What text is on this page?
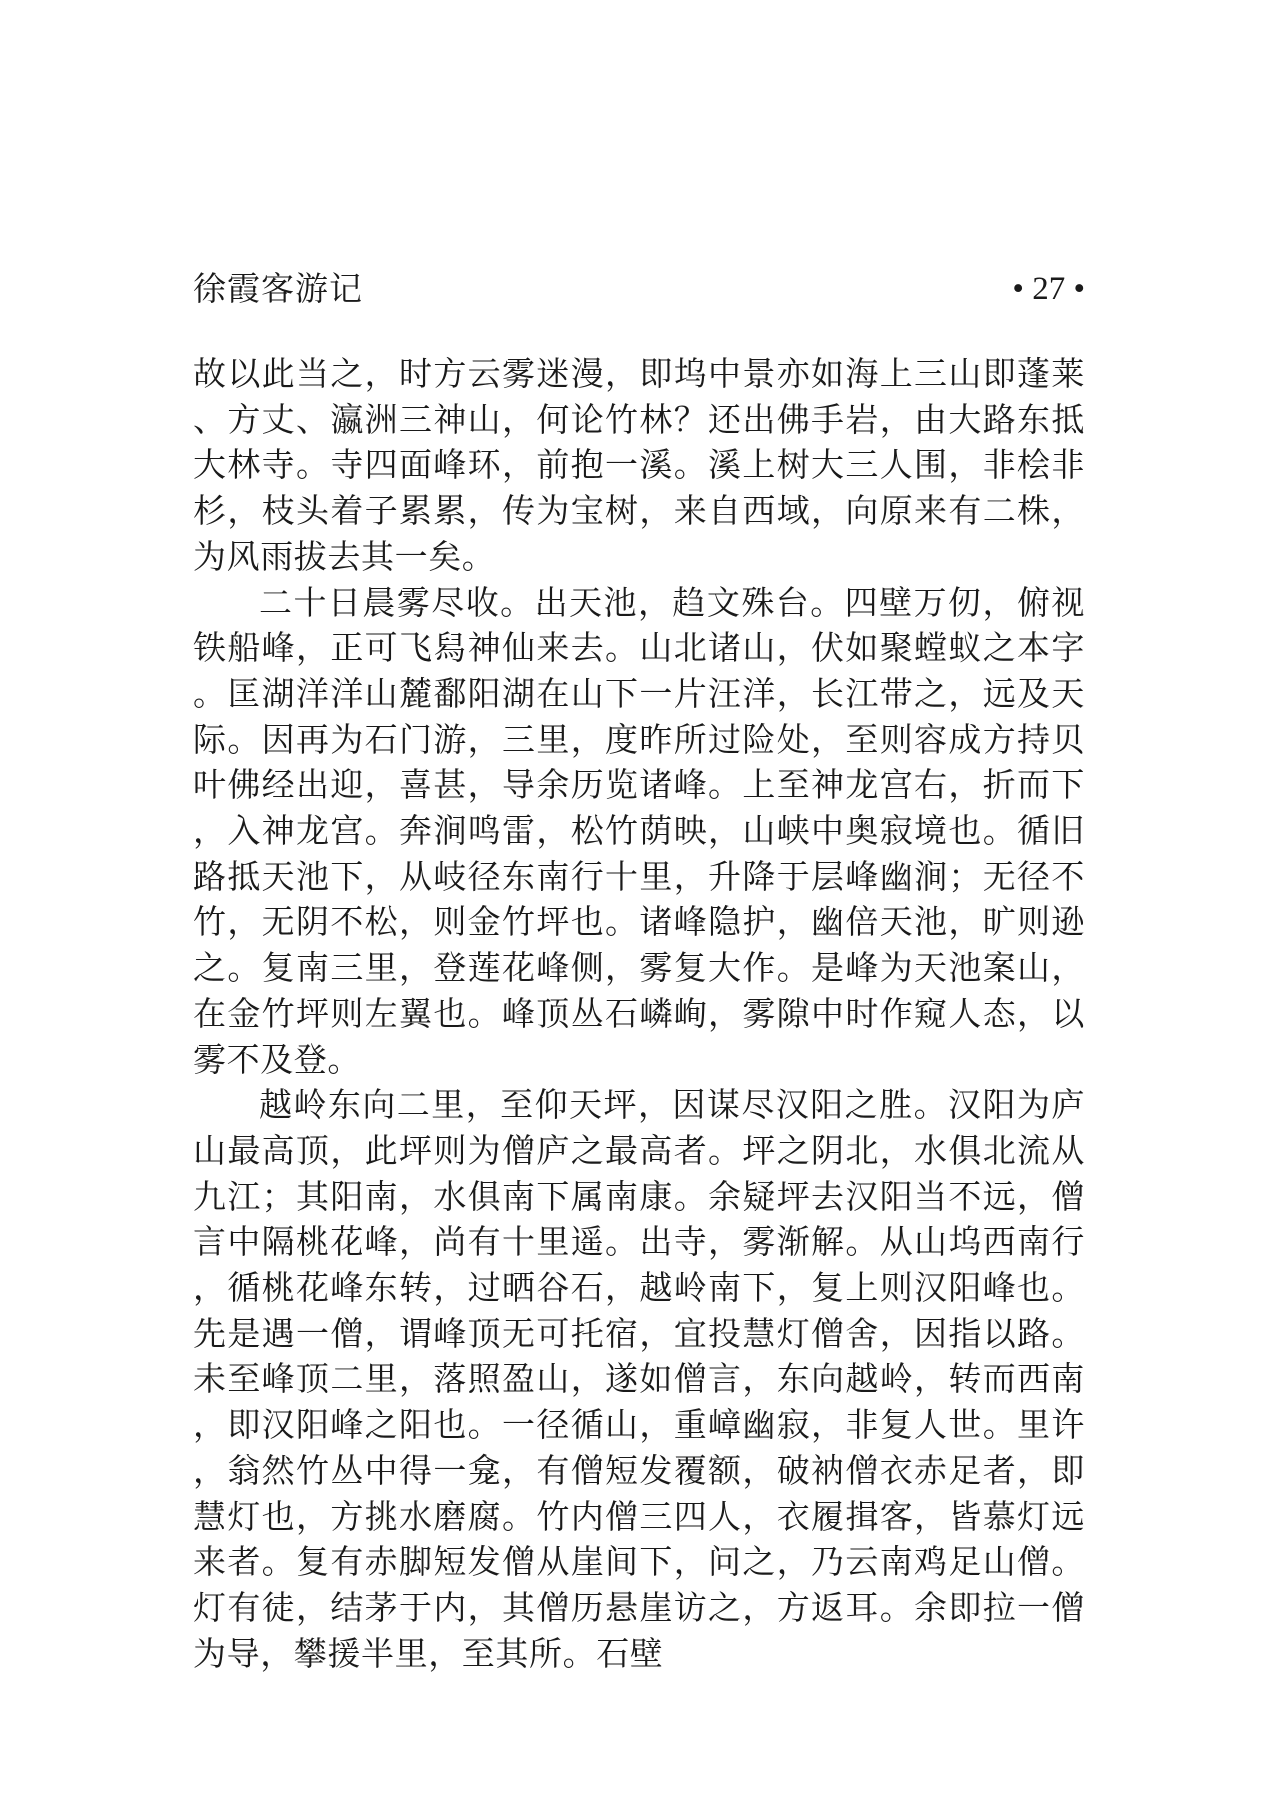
徐霞客游记	• 27 •

故以此当之，时方云雾迷漫，即坞中景亦如海上三山即蓬莱、方丈、瀛洲三神山，何论竹林？还出佛手岩，由大路东抵大林寺。寺四面峰环，前抱一溪。溪上树大三人围，非桧非杉，枝头着子累累，传为宝树，来自西域，向原来有二株，为风雨拔去其一矣。

二十日晨雾尽收。出天池，趋文殊台。四壁万仞，俯视铁船峰，正可飞舄神仙来去。山北诸山，伏如聚螳蚁之本字。匡湖洋洋山麓鄱阳湖在山下一片汪洋，长江带之，远及天际。因再为石门游，三里，度昨所过险处，至则容成方持贝叶佛经出迎，喜甚，导余历览诸峰。上至神龙宫右，折而下，入神龙宫。奔涧鸣雷，松竹荫映，山峡中奥寂境也。循旧路抵天池下，从岐径东南行十里，升降于层峰幽涧；无径不竹，无阴不松，则金竹坪也。诸峰隐护，幽倍天池，旷则逊之。复南三里，登莲花峰侧，雾复大作。是峰为天池案山，在金竹坪则左翼也。峰顶丛石嶙峋，雾隙中时作窥人态，以雾不及登。

越岭东向二里，至仰天坪，因谋尽汉阳之胜。汉阳为庐山最高顶，此坪则为僧庐之最高者。坪之阴北，水俱北流从九江；其阳南，水俱南下属南康。余疑坪去汉阳当不远，僧言中隔桃花峰，尚有十里遥。出寺，雾渐解。从山坞西南行，循桃花峰东转，过晒谷石，越岭南下，复上则汉阳峰也。先是遇一僧，谓峰顶无可托宿，宜投慧灯僧舍，因指以路。未至峰顶二里，落照盈山，遂如僧言，东向越岭，转而西南，即汉阳峰之阳也。一径循山，重嶂幽寂，非复人世。里许，翁然竹丛中得一龛，有僧短发覆额，破衲僧衣赤足者，即慧灯也，方挑水磨腐。竹内僧三四人，衣履揖客，皆慕灯远来者。复有赤脚短发僧从崖间下，问之，乃云南鸡足山僧。灯有徒，结茅于内，其僧历悬崖访之，方返耳。余即拉一僧为导，攀援半里，至其所。石壁
